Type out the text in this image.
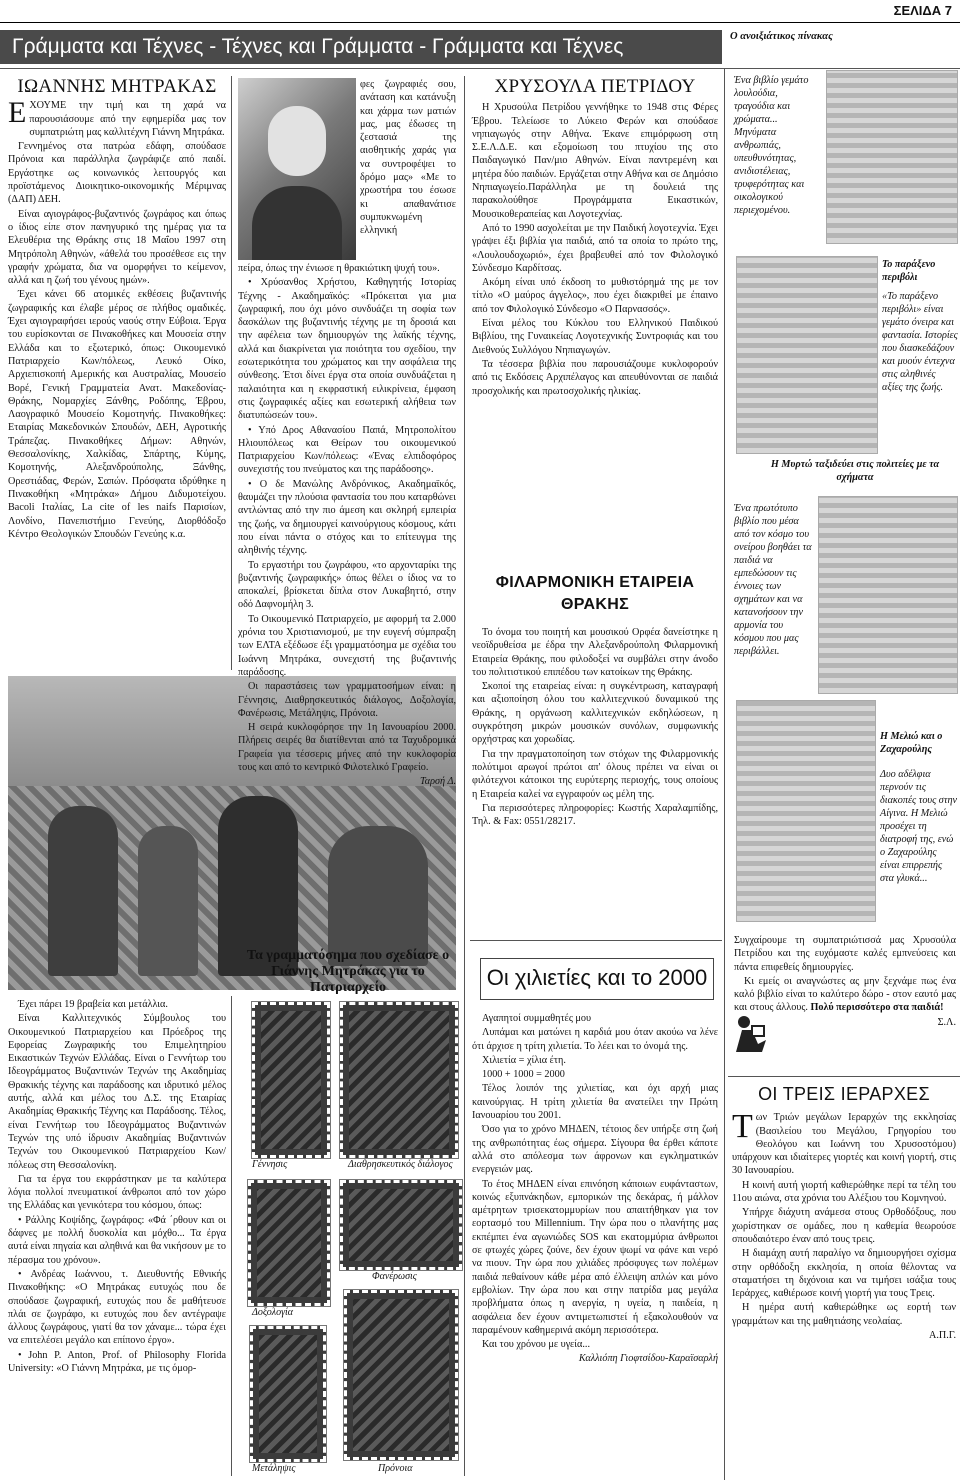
ΣΕΛΙΔΑ 7
Γράμματα και Τέχνες - Τέχνες και Γράμματα - Γράμματα και Τέχνες	Ο ανοιξιάτικος πίνακας
ΙΩΑΝΝΗΣ ΜΗΤΡΑΚΑΣ

ΕΧΟΥΜΕ την τιμή και τη χαρά να παρουσιάσουμε από την εφημερίδα μας τον συμπατριώτη μας καλλιτέχνη Γιάννη Μητράκα.

Γεννημένος στα πατρώα εδάφη, σπούδασε Πρόνοια και παράλληλα ζωγράφιζε από παιδί. Εργάστηκε ως κοινωνικός λειτουργός και προϊστάμενος Διοικητικο-οικονομικής Μέριμνας (ΔΑΠ) ΔΕΗ.

Είναι αγιογράφος-βυζαντινός ζωγράφος και όπως ο ίδιος είπε στον πανηγυρικό της ημέρας για τα Ελευθέρια της Θράκης στις 18 Μαΐου 1997 στη Μητρόπολη Αθηνών, «άθελά του προσέθεσε εις την γραφήν χρώματα, δια να ομορφήνει το κείμενον, αλλά και η ζωή του γένους ημών».

Έχει κάνει 66 ατομικές εκθέσεις βυζαντινής ζωγραφικής και έλαβε μέρος σε πλήθος ομαδικές. Έχει αγιογραφήσει ιερούς ναούς στην Εύβοια. Έργα του ευρίσκονται σε Πινακοθήκες και Μουσεία στην Ελλάδα και το εξωτερικό, όπως: Οικουμενικό Πατριαρχείο Κων/πόλεως, Λευκό Οίκο, Αρχιεπισκοπή Αμερικής και Αυστραλίας, Μουσείο Βορέ, Γενική Γραμματεία Ανατ. Μακεδονίας-Θράκης, Νομαρχίες Ξάνθης, Ροδόπης, Έβρου, Λαογραφικό Μουσείο Κομοτηνής. Πινακοθήκες: Εταιρίας Μακεδονικών Σπουδών, ΔΕΗ, Αγροτικής Τράπεζας. Πινακοθήκες Δήμων: Αθηνών, Θεσσαλονίκης, Χαλκίδας, Σπάρτης, Κύμης, Κομοτηνής, Αλεξανδρούπολης, Ξάνθης, Ορεστιάδας, Φερών, Σαπών. Πρόσφατα ιδρύθηκε η Πινακοθήκη «Μητράκα» Δήμου Διδυμοτείχου. Bacoli Ιταλίας, La cite of les naifs Παρισίων, Λονδίνο, Πανεπιστήμιο Γενεύης, Διορθόδοξο Κέντρο Θεολογικών Σπουδών Γενεύης κ.α.

Έχει πάρει 19 βραβεία και μετάλλια.

Είναι Καλλιτεχνικός Σύμβουλος του Οικουμενικού Πατριαρχείου και Πρόεδρος της Εφορείας Ζωγραφικής του Επιμελητηρίου Εικαστικών Τεχνών Ελλάδας. Είναι ο Γεννήτωρ του Ιδεογράμματος Βυζαντινών Τεχνών της Ακαδημίας Θρακικής τέχνης και παράδοσης και ιδρυτικό μέλος αυτής, αλλά και μέλος του Δ.Σ. της Εταιρίας Ακαδημίας Θρακικής Τέχνης και Παράδοσης. Τέλος, είναι Γεννήτωρ του Ιδεογράμματος Βυζαντινών Τεχνών της υπό ίδρυσιν Ακαδημίας Βυζαντινών Τεχνών του Οικουμενικού Πατριαρχείου Κων/πόλεως στη Θεσσαλονίκη.

Για τα έργα του εκφράστηκαν με τα καλύτερα λόγια πολλοί πνευματικοί άνθρωποι από τον χώρο της Ελλάδας και γενικότερα του κόσμου, όπως:

• Ράλλης Κοψίδης, ζωγράφος: «Φά ΄ρθουν και οι δάφνες με πολλή δυσκολία και μόχθο... Τα έργα αυτά είναι πηγαία και αληθινά και θα νικήσουν με το πέρασμα του χρόνου».

• Ανδρέας Ιωάννου, τ. Διευθυντής Εθνικής Πινακοθήκης: «Ο Μητράκας ευτυχώς που δε σπούδασε ζωγραφική, ευτυχώς που δε μαθήτευσε πλάι σε ζωγράφο, κι ευτυχώς που δεν αντέγραψε άλλους ζωγράφους, γιατί θα τον χάναμε... τώρα έχει να επιτελέσει μεγάλο και επίπονο έργο».

• John P. Anton, Prof. of Philosophy Florida University: «Ο Γιάννη Μητράκα, με τις όμορ-

φες ζωγραφιές σου, ανάταση και κατάνυξη και χάρμα των ματιών μας, μας έδωσες τη ζεστασιά της αισθητικής χαράς για να συντροφέψει το δρόμο μας» «Με το χρωστήρα του έσωσε κι απαθανάτισε συμπυκνωμένη ελληνική

πείρα, όπως την ένιωσε η θρακιώτικη ψυχή του».

• Χρύσανθος Χρήστου, Καθηγητής Ιστορίας Τέχνης - Ακαδημαϊκός: «Πρόκειται για μια ζωγραφική, που όχι μόνο συνδυάζει τη σοφία των δασκάλων της βυζαντινής τέχνης με τη δροσιά και την αφέλεια των δημιουργών της λαϊκής τέχνης, αλλά και διακρίνεται για ποιότητα του σχεδίου, την εσωτερικότητα του χρώματος και την ασφάλεια της σύνθεσης. Έτσι δίνει έργα στα οποία συνδυάζεται η παλαιότητα και η εκφραστική ειλικρίνεια, έμφαση στις ζωγραφικές αξίες και εσωτερική αλήθεια των διατυπώσεών του».

• Υπό Δρος Αθανασίου Παπά, Μητροπολίτου Ηλιουπόλεως και Θείρων του οικουμενικού Πατριαρχείου Κων/πόλεως: «Ένας ελπιδοφόρος συνεχιστής του πνεύματος και της παράδοσης».

• Ο δε Μανώλης Ανδρόνικος, Ακαδημαϊκός, θαυμάζει την πλούσια φαντασία του που καταρθώνει αντλώντας από την πιο άμεση και σκληρή εμπειρία της ζωής, να δημιουργεί καινούργιους κόσμους, κάτι που είναι πάντα ο στόχος και το επίτευγμα της αληθινής τέχνης.

Το εργαστήρι του ζωγράφου, «το αρχονταρίκι της βυζαντινής ζωγραφικής» όπως θέλει ο ίδιος να το αποκαλεί, βρίσκεται δίπλα στον Λυκαβηττό, στην οδό Δαφνομήλη 3.

Το Οικουμενικό Πατριαρχείο, με αφορμή τα 2.000 χρόνια του Χριστιανισμού, με την ευγενή σύμπραξη των ΕΛΤΑ εξέδωσε έξι γραμματόσημα με σχέδια του Ιωάννη Μητράκα, συνεχιστή της βυζαντινής παράδοσης.

Οι παραστάσεις των γραμματοσήμων είναι: η Γέννησις, Διαθρησκευτικός διάλογος, Δοξολογία, Φανέρωσις, Μετάληψις, Πρόνοια.

Η σειρά κυκλοφόρησε την 1η Ιανουαρίου 2000. Πλήρεις σειρές θα διατίθενται από τα Ταχυδρομικά Γραφεία για τέσσερις μήνες από την κυκλοφορία τους και από το κεντρικό Φιλοτελικό Γραφείο.

Ταρσή Δ.

Τα γραμματόσημα που σχεδίασε ο Γιάννης Μητράκας για το Πατριαρχείο
Γέννησις	Διαθρησκευτικός διάλογος
Φανέρωσις
Δοξολογία
Μετάληψις	Πρόνοια
ΧΡΥΣΟΥΛΑ ΠΕΤΡΙΔΟΥ

Η Χρυσούλα Πετρίδου γεννήθηκε το 1948 στις Φέρες Έβρου. Τελείωσε το Λύκειο Φερών και σπούδασε νηπιαγωγός στην Αθήνα. Έκανε επιμόρφωση στη Σ.Ε.Λ.Δ.Ε. και εξομοίωση του πτυχίου της στο Παιδαγωγικό Παν/μιο Αθηνών. Είναι παντρεμένη και μητέρα δύο παιδιών. Εργάζεται στην Αθήνα και σε Δημόσιο Νηπιαγωγείο.Παράλληλα με τη δουλειά της παρακολούθησε Προγράμματα Εικαστικών, Μουσικοθεραπείας και Λογοτεχνίας.

Από το 1990 ασχολείται με την Παιδική λογοτεχνία. Έχει γράψει έξι βιβλία για παιδιά, από τα οποία το πρώτο της, «Λουλουδοχωριό», έχει βραβευθεί από τον Φιλολογικό Σύνδεσμο Καρδίτσας.

Ακόμη είναι υπό έκδοση το μυθιστόρημά της με τον τίτλο «Ο μαύρος άγγελος», που έχει διακριθεί με έπαινο από τον Φιλολογικό Σύνδεσμο «Ο Παρνασσός».

Είναι μέλος του Κύκλου του Ελληνικού Παιδικού Βιβλίου, της Γυναικείας Λογοτεχνικής Συντροφιάς και του Διεθνούς Συλλόγου Νηπιαγωγών.

Τα τέσσερα βιβλία που παρουσιάζουμε κυκλοφορούν από τις Εκδόσεις Αρχιπέλαγος και απευθύνονται σε παιδιά προσχολικής και πρωτοσχολικής ηλικίας.

ΦΙΛΑΡΜΟΝΙΚΗ ΕΤΑΙΡΕΙΑ ΘΡΑΚΗΣ

Το όνομα του ποιητή και μουσικού Ορφέα δανείστηκε η νεοϊδρυθείσα με έδρα την Αλεξανδρούπολη Φιλαρμονική Εταιρεία Θράκης, που φιλοδοξεί να συμβάλει στην άνοδο του πολιτιστικού επιπέδου των κατοίκων της Θράκης.

Σκοποί της εταιρείας είναι: η συγκέντρωση, καταγραφή και αξιοποίηση όλου του καλλιτεχνικού δυναμικού της Θράκης, η οργάνωση καλλιτεχνικών εκδηλώσεων, η συγκρότηση μικρών μουσικών συνόλων, συμφωνικής ορχήστρας και χορωδίας.

Για την πραγματοποίηση των στόχων της Φιλαρμονικής πολύτιμοι αρωγοί πρώτοι απ' όλους πρέπει να είναι οι φιλότεχνοι κάτοικοι της ευρύτερης περιοχής, τους οποίους η Εταιρεία καλεί να εγγραφούν ως μέλη της.

Για περισσότερες πληροφορίες: Κωστής Χαραλαμπίδης, Τηλ. & Fax: 0551/28217.

Οι χιλιετίες και το 2000

Αγαπητοί συμμαθητές μου

Λυπάμαι και ματώνει η καρδιά μου όταν ακούω να λένε ότι άρχισε η τρίτη χιλιετία. Το λέει και το όνομά της.

Χιλιετία = χίλια έτη.

1000 + 1000 = 2000

Τέλος λοιπόν της χιλιετίας, και όχι αρχή μιας καινούργιας. Η τρίτη χιλιετία θα ανατείλει την Πρώτη Ιανουαρίου του 2001.

Όσο για το χρόνο ΜΗΔΕΝ, τέτοιος δεν υπήρξε στη ζωή της ανθρωπότητας έως σήμερα. Σίγουρα θα έρθει κάποτε αλλά στο απόλεσμα των άφρονων και εγκληματικών ενεργειών μας.

Το έτος ΜΗΔΕΝ είναι επινόηση κάποιων ευφάνταστων, κοινώς εξυπνάκηδων, εμπορικών της δεκάρας, ή μάλλον αμέτρητων τρισεκατομμυρίων που απαιτήθηκαν για τον εορτασμό του Millennium. Την ώρα που ο πλανήτης μας εκπέμπει ένα αγωνιώδες SOS και εκατομμύρια άνθρωποι σε φτωχές χώρες ζούνε, δεν έχουν ψωμί να φάνε και νερό να πιουν. Την ώρα που χιλιάδες πρόσφυγες των πολέμων παιδιά πεθαίνουν κάθε μέρα από έλλειψη απλών και μόνο εμβολίων. Την ώρα που και στην πατρίδα μας μεγάλα προβλήματα όπως η ανεργία, η υγεία, η παιδεία, η ασφάλεια δεν έχουν αντιμετωπιστεί ή εξακολουθούν να παραμένουν καθημερινά ακόμη περισσότερα.

Και του χρόνου με υγεία...

Καλλιόπη Γιοφτσίδου-Καραϊσαρλή

Ένα βιβλίο γεμάτο λουλούδια, τραγούδια και χρώματα... Μηνύματα ανθρωπιάς, υπευθυνότητας, ανιδιοτέλειας, τρυφερότητας και οικολογικού περιεχομένου.
Το παράξενο περιβόλι
«Το παράξενο περιβόλι» είναι γεμάτο όνειρα και φαντασία. Ιστορίες που διασκεδάζουν και μυούν έντεχνα στις αληθινές αξίες της ζωής.
Η Μυρτώ ταξιδεύει στις πολιτείες με τα σχήματα
Ένα πρωτότυπο βιβλίο που μέσα από τον κόσμο του ονείρου βοηθάει τα παιδιά να εμπεδώσουν τις έννοιες των σχημάτων και να κατανοήσουν την αρμονία του κόσμου που μας περιβάλλει.
Η Μελιώ και ο Ζαχαρούλης
Δυο αδέλφια περνούν τις διακοπές τους στην Αίγινα. Η Μελιώ προσέχει τη διατροφή της, ενώ ο Ζαχαρούλης είναι επιρρεπής στα γλυκά...

Συγχαίρουμε τη συμπατριώτισσά μας Χρυσούλα Πετρίδου και της ευχόμαστε καλές εμπνεύσεις και πάντα επιφεθείς δημιουργίες.

Κι εμείς οι αναγνώστες ας μην ξεχνάμε πως ένα καλό βιβλίο είναι το καλύτερο δώρο - στον εαυτό μας και στους άλλους. Πολύ περισσότερο στα παιδιά!

Σ.Λ.

ΟΙ ΤΡΕΙΣ ΙΕΡΑΡΧΕΣ

Των Τριών μεγάλων Ιεραρχών της εκκλησίας (Βασιλείου του Μεγάλου, Γρηγορίου του Θεολόγου και Ιωάννη του Χρυσοστόμου) υπάρχουν και ιδιαίτερες γιορτές και κοινή γιορτή, στις 30 Ιανουαρίου.

Η κοινή αυτή γιορτή καθιερώθηκε περί τα τέλη του 11ου αιώνα, στα χρόνια του Αλέξιου του Κομνηνού.

Υπήρχε διάχυτη ανάμεσα στους Ορθοδόξους, που χωρίστηκαν σε ομάδες, που η καθεμία θεωρούσε σπουδαιότερο έναν από τους τρεις.

Η διαμάχη αυτή παραλίγο να δημιουργήσει σχίσμα στην ορθόδοξη εκκλησία, η οποία θέλοντας να σταματήσει τη διχόνοια και να τιμήσει ισάξια τους Ιεράρχες, καθιέρωσε κοινή γιορτή για τους Τρεις.

Η ημέρα αυτή καθιερώθηκε ως εορτή των γραμμάτων και της μαθητιάσης νεολαίας.

Α.Π.Γ.
